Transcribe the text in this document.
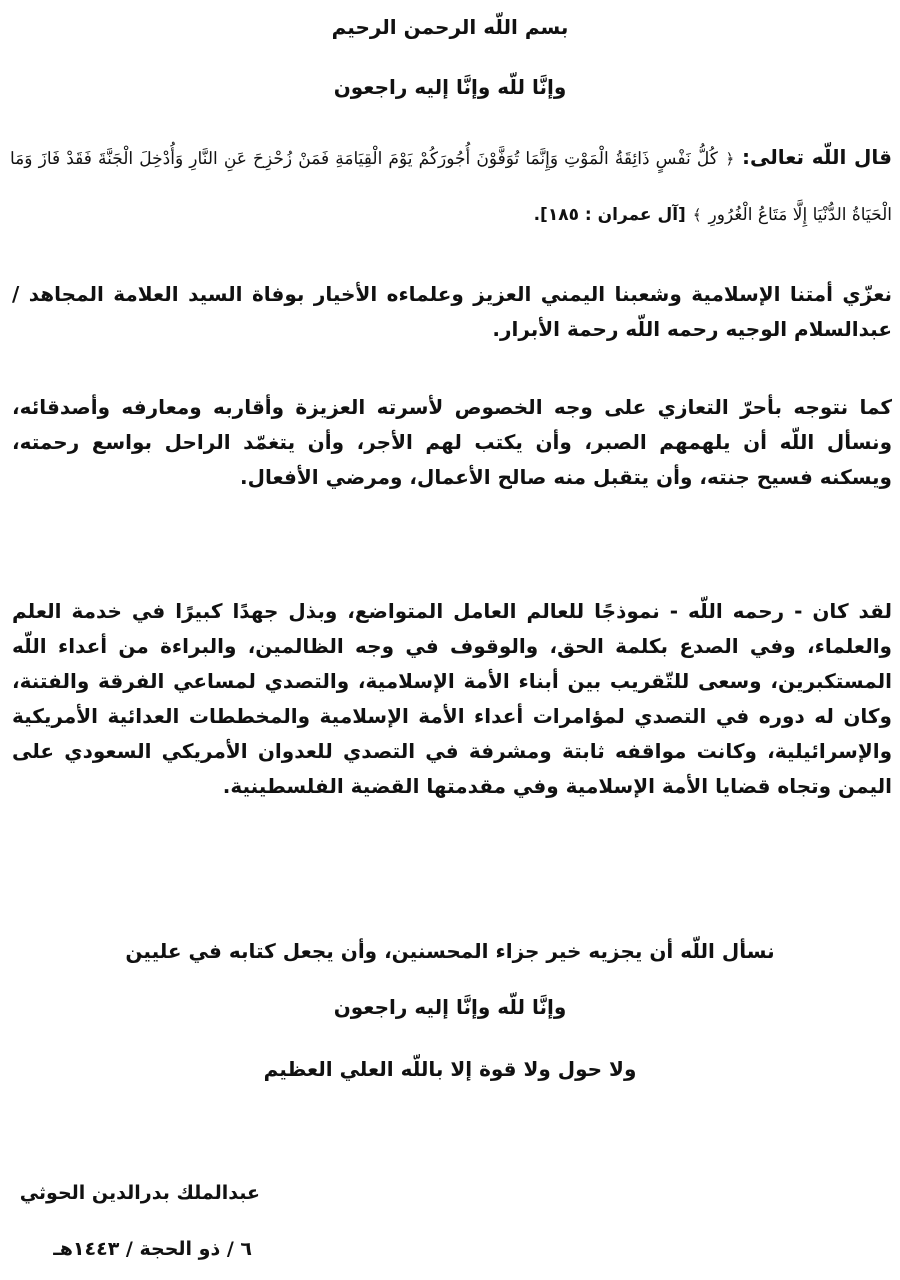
بسم اللّه الرحمن الرحيم
وإنَّا للّه وإنَّا إليه راجعون
قال اللّه تعالى: ﴿ كُلُّ نَفْسٍ ذَائِقَةُ الْمَوْتِ وَإِنَّمَا تُوَفَّوْنَ أُجُورَكُمْ يَوْمَ الْقِيَامَةِ فَمَنْ زُحْزِحَ عَنِ النَّارِ وَأُدْخِلَ الْجَنَّةَ فَقَدْ فَازَ وَمَا الْحَيَاةُ الدُّنْيَا إِلَّا مَتَاعُ الْغُرُورِ ﴾ [آل عمران : ١٨٥].
نعزّي أمتنا الإسلامية وشعبنا اليمني العزيز وعلماءه الأخيار بوفاة السيد العلامة المجاهد / عبدالسلام الوجيه رحمه اللّه رحمة الأبرار.
كما نتوجه بأحرّ التعازي على وجه الخصوص لأسرته العزيزة وأقاربه ومعارفه وأصدقائه، ونسأل اللّه أن يلهمهم الصبر، وأن يكتب لهم الأجر، وأن يتغمّد الراحل بواسع رحمته، ويسكنه فسيح جنته، وأن يتقبل منه صالح الأعمال، ومرضي الأفعال.
لقد كان - رحمه اللّه - نموذجًا للعالم العامل المتواضع، وبذل جهدًا كبيرًا في خدمة العلم والعلماء، وفي الصدع بكلمة الحق، والوقوف في وجه الظالمين، والبراءة من أعداء اللّه المستكبرين، وسعى للتّقريب بين أبناء الأمة الإسلامية، والتصدي لمساعي الفرقة والفتنة، وكان له دوره في التصدي لمؤامرات أعداء الأمة الإسلامية والمخططات العدائية الأمريكية والإسرائيلية، وكانت مواقفه ثابتة ومشرفة في التصدي للعدوان الأمريكي السعودي على اليمن وتجاه قضايا الأمة الإسلامية وفي مقدمتها القضية الفلسطينية.
نسأل اللّه أن يجزيه خير جزاء المحسنين، وأن يجعل كتابه في عليين
وإنَّا للّه وإنَّا إليه راجعون
ولا حول ولا قوة إلا باللّه العلي العظيم
عبدالملك بدرالدين الحوثي
٦ / ذو الحجة / ١٤٤٣هـ
